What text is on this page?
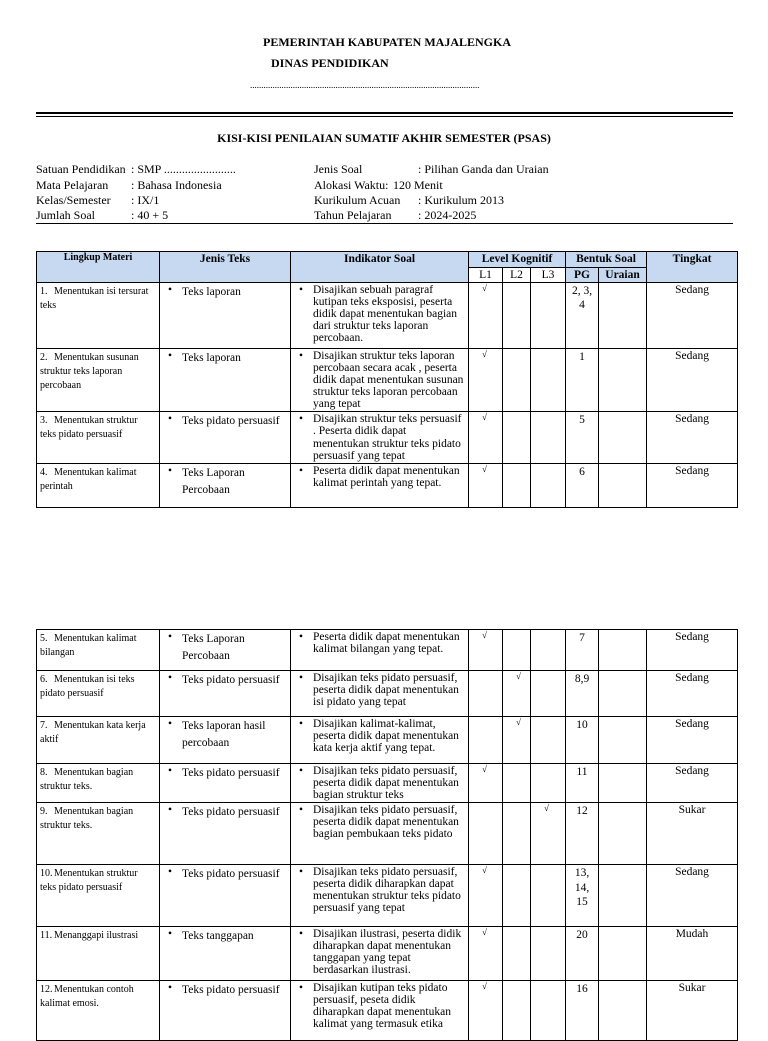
PEMERINTAH KABUPATEN MAJALENGKA
DINAS PENDIDIKAN
......................................................................................................
KISI-KISI PENILAIAN SUMATIF AKHIR SEMESTER (PSAS)
Satuan Pendidikan : SMP ........................
Mata Pelajaran : Bahasa Indonesia
Kelas/Semester : IX/1
Jumlah Soal	: 40 + 5
Jenis Soal	: Pilihan Ganda dan Uraian
Alokasi Waktu: 120 Menit
Kurikulum Acuan : Kurikulum 2013
Tahun Pelajaran : 2024-2025
Lingkup Materi	Jenis Teks	Indikator Soal	Level Kognitif			Bentuk Soal		Tingkat
			L1	L2	L3	PG	Uraian	
1. Menentukan isi tersurat teks	• Teks laporan	• Disajikan sebuah paragraf kutipan teks eksposisi, peserta didik dapat menentukan bagian dari struktur teks laporan percobaan.	√			2, 3, 4		Sedang
2. Menentukan susunan struktur teks laporan percobaan	• Teks laporan	• Disajikan struktur teks laporan percobaan secara acak , peserta didik dapat menentukan susunan struktur teks laporan percobaan yang tepat	√			1		Sedang
3. Menentukan struktur teks pidato persuasif	• Teks pidato persuasif	• Disajikan struktur teks persuasif . Peserta didik dapat menentukan struktur teks pidato persuasif yang tepat	√			5		Sedang
4. Menentukan kalimat perintah	• Teks Laporan Percobaan	• Peserta didik dapat menentukan kalimat perintah yang tepat.	√			6		Sedang
5. Menentukan kalimat bilangan	• Teks Laporan Percobaan	• Peserta didik dapat menentukan kalimat bilangan yang tepat.	√			7		Sedang
6. Menentukan isi teks pidato persuasif	• Teks pidato persuasif	• Disajikan teks pidato persuasif, peserta didik dapat menentukan isi pidato yang tepat		√		8,9		Sedang
7. Menentukan kata kerja aktif	• Teks laporan hasil percobaan	• Disajikan kalimat-kalimat, peserta didik dapat menentukan kata kerja aktif yang tepat.		√		10		Sedang
8. Menentukan bagian struktur teks.	• Teks pidato persuasif	• Disajikan teks pidato persuasif, peserta didik dapat menentukan bagian struktur teks	√			11		Sedang
9. Menentukan bagian struktur teks.	• Teks pidato persuasif	• Disajikan teks pidato persuasif, peserta didik dapat menentukan bagian pembukaan teks pidato			√	12		Sukar
10. Menentukan struktur teks pidato persuasif	• Teks pidato persuasif	• Disajikan teks pidato persuasif, peserta didik diharapkan dapat menentukan struktur teks pidato persuasif yang tepat	√			13, 14, 15		Sedang
11. Menanggapi ilustrasi	• Teks tanggapan	• Disajikan ilustrasi, peserta didik diharapkan dapat menentukan tanggapan yang tepat berdasarkan ilustrasi.	√			20		Mudah
12. Menentukan contoh kalimat emosi.	• Teks pidato persuasif	• Disajikan kutipan teks pidato persuasif, peseta didik diharapkan dapat menentukan kalimat yang termasuk etika	√			16		Sukar
